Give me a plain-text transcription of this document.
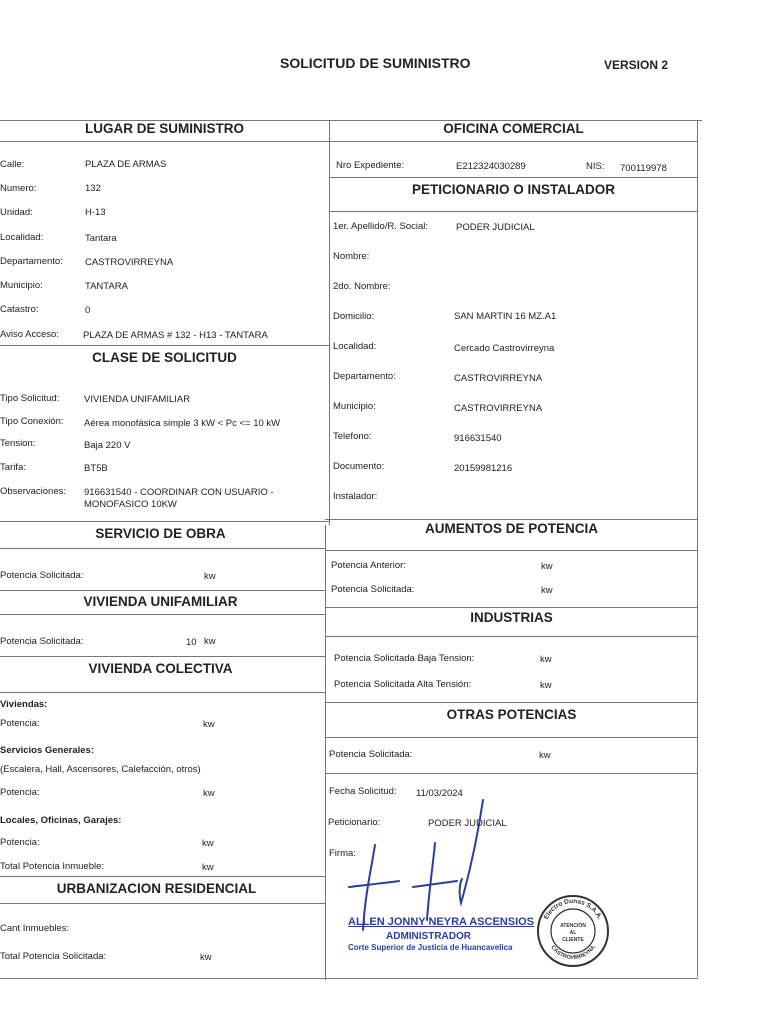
SOLICITUD DE SUMINISTRO	VERSION 2
LUGAR DE SUMINISTRO
Calle:	PLAZA DE ARMAS
Numero:	132
Unidad:	H-13
Localidad:	Tantara
Departamento: CASTROVIRREYNA
Municipio:	TANTARA
Catastro:	0
Aviso Acceso:	PLAZA DE ARMAS # 132 - H13 - TANTARA
CLASE DE SOLICITUD
Tipo Solicitud:	VIVIENDA UNIFAMILIAR
Tipo Conexión: Aérea monofásica simple 3 kW < Pc <= 10 kW
Tension:	Baja 220 V
Tarifa:	BT5B
Observaciones: 916631540 - COORDINAR CON USUARIO -
MONOFASICO 10KW
SERVICIO DE OBRA
Potencia Solicitada:	kw
VIVIENDA UNIFAMILIAR
Potencia Solicitada:	10 kw
VIVIENDA COLECTIVA
Viviendas:
Potencia:	kw
Servicios Generales:
(Escalera, Hall, Ascensores, Calefacción, otros)
Potencia:	kw
Locales, Oficinas, Garajes:
Potencia:	kw
Total Potencia Inmueble:	kw
URBANIZACION RESIDENCIAL
Cant Inmuebles:
Total Potencia Solicitada:	kw
OFICINA COMERCIAL
Nro Expediente:	E212324030289	NIS: 700119978
PETICIONARIO O INSTALADOR
1er. Apellido/R. Social:	PODER JUDICIAL
Nombre:
2do. Nombre:
Domicilio:	SAN MARTIN 16 MZ.A1
Localidad:	Cercado Castrovirreyna
Departamento:	CASTROVIRREYNA
Municipio:	CASTROVIRREYNA
Telefono:	916631540
Documento:	20159981216
Instalador:
AUMENTOS DE POTENCIA
Potencia Anterior:	kw
Potencia Solicitada:	kw
INDUSTRIAS
Potencia Solicitada Baja Tension:	kw
Potencia Solicitada Alta Tensión:	kw
OTRAS POTENCIAS
Potencia Solicitada:	kw
Fecha Solicitud: 11/03/2024
Peticionario:	PODER JUDICIAL
Firma:
ALLEN JONNY NEYRA ASCENSIOS
ADMINISTRADOR
Corte Superior de Justicia de Huancavelica
Electro Dunas S.A.A.
CASTROVIRREYNA
ATENCIÓN
AL
CLIENTE
